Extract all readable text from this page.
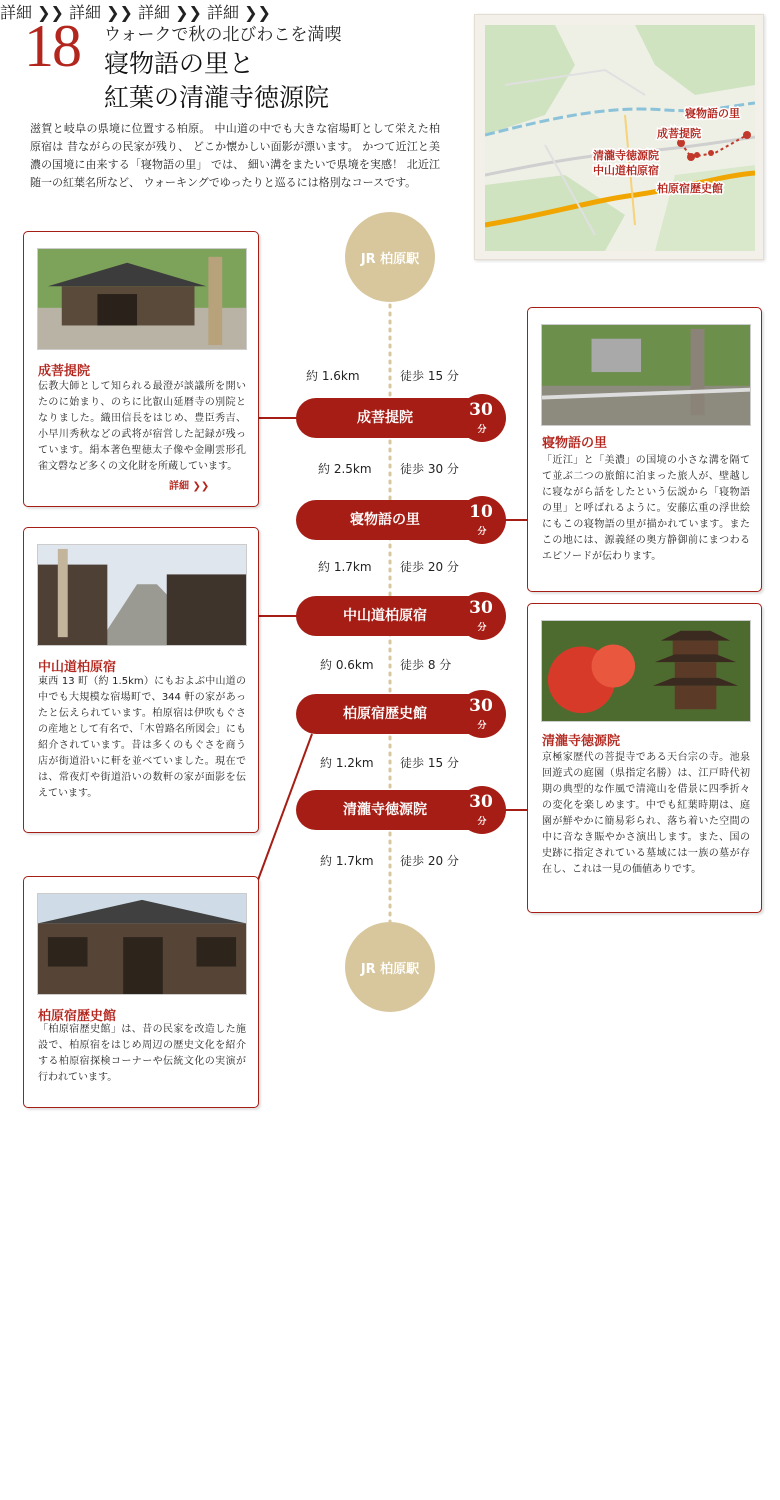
18 ウォークで秋の北びわこを満喫
寝物語の里と
紅葉の清瀧寺徳源院

滋賀と岐阜の県境に位置する柏原。 中山道の中でも大きな宿場町として栄えた柏原宿は 昔ながらの民家が残り、 どこか懐かしい面影が漂います。 かつて近江と美濃の国境に由来する「寝物語の里」 では、 細い溝をまたいで県境を実感！ 北近江随一の紅葉名所など、 ウォーキングでゆったりと巡るには格別なコースです。

寝物語の里
成菩提院
清瀧寺徳源院
中山道柏原宿
柏原宿歴史館
JR 柏原駅
JR 柏原駅
約 1.6km	徒歩 15 分
約 2.5km 徒歩 30 分
約 1.7km 徒歩 20 分
約 0.6km 徒歩 8 分
約 1.2km 徒歩 15 分
約 1.7km 徒歩 20 分
成菩提院	30
分
寝物語の里	10
分
中山道柏原宿	30
分
柏原宿歴史館	30
分
清瀧寺徳源院	30
分
成菩提院

伝教大師として知られる最澄が談議所を開いたのに始まり、のちに比叡山延暦寺の別院となりました。織田信長をはじめ、豊臣秀吉、小早川秀秋などの武将が宿営した記録が残っています。絹本著色聖徳太子像や金剛雲形孔雀文磬など多くの文化財を所蔵しています。

詳細 ❯❯
寝物語の里

「近江」と「美濃」の国境の小さな溝を隔てて並ぶ二つの旅館に泊まった旅人が、壁越しに寝ながら話をしたという伝説から「寝物語の里」と呼ばれるように。安藤広重の浮世絵にもこの寝物語の里が描かれています。またこの地には、源義経の奥方静御前にまつわるエピソードが伝わります。

詳細 ❯❯
中山道柏原宿

東西 13 町（約 1.5km）にもおよぶ中山道の中でも大規模な宿場町で、344 軒の家があったと伝えられています。柏原宿は伊吹もぐさの産地として有名で、「木曽路名所図会」にも紹介されています。昔は多くのもぐさを商う店が街道沿いに軒を並べていました。現在では、常夜灯や街道沿いの数軒の家が面影を伝えています。

詳細 ❯❯
清瀧寺徳源院

京極家歴代の菩提寺である天台宗の寺。池泉回遊式の庭園（県指定名勝）は、江戸時代初期の典型的な作風で清滝山を借景に四季折々の変化を楽しめます。中でも紅葉時期は、庭園が鮮やかに簡易彩られ、落ち着いた空間の中に音なき賑やかさ演出します。また、国の史跡に指定されている墓域には一族の墓が存在し、これは一見の価値ありです。

詳細 ❯❯
柏原宿歴史館

「柏原宿歴史館」は、昔の民家を改造した施設で、柏原宿をはじめ周辺の歴史文化を紹介する柏原宿探検コーナーや伝統文化の実演が行われています。

詳細 ❯❯
